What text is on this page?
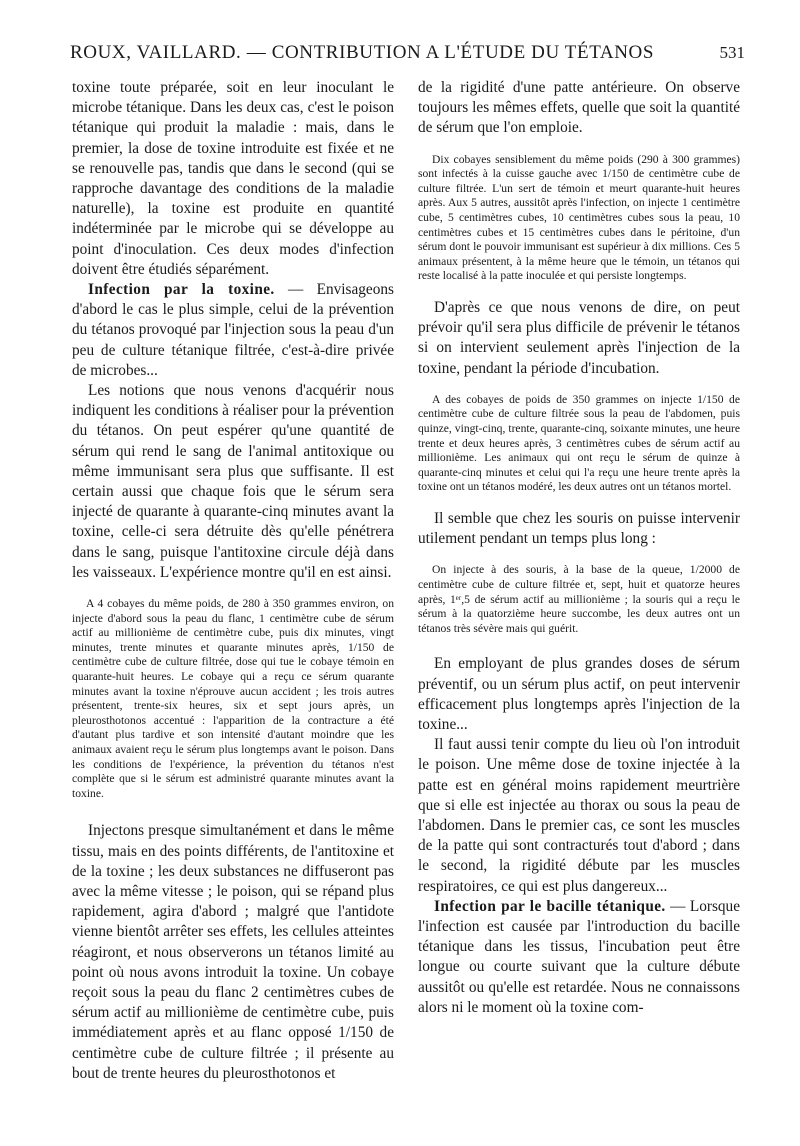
ROUX, VAILLARD. — CONTRIBUTION A L'ÉTUDE DU TÉTANOS	531

toxine toute préparée, soit en leur inoculant le microbe tétanique. Dans les deux cas, c'est le poison tétanique qui produit la maladie : mais, dans le premier, la dose de toxine introduite est fixée et ne se renouvelle pas, tandis que dans le second (qui se rapproche davantage des conditions de la maladie naturelle), la toxine est produite en quantité indéterminée par le microbe qui se développe au point d'inoculation. Ces deux modes d'infection doivent être étudiés séparément.

Infection par la toxine. — Envisageons d'abord le cas le plus simple, celui de la prévention du tétanos provoqué par l'injection sous la peau d'un peu de culture tétanique filtrée, c'est-à-dire privée de microbes...

Les notions que nous venons d'acquérir nous indiquent les conditions à réaliser pour la prévention du tétanos. On peut espérer qu'une quantité de sérum qui rend le sang de l'animal antitoxique ou même immunisant sera plus que suffisante. Il est certain aussi que chaque fois que le sérum sera injecté de quarante à quarante-cinq minutes avant la toxine, celle-ci sera détruite dès qu'elle pénétrera dans le sang, puisque l'antitoxine circule déjà dans les vaisseaux. L'expérience montre qu'il en est ainsi.

A 4 cobayes du même poids, de 280 à 350 grammes environ, on injecte d'abord sous la peau du flanc, 1 centimètre cube de sérum actif au millionième de centimètre cube, puis dix minutes, vingt minutes, trente minutes et quarante minutes après, 1/150 de centimètre cube de culture filtrée, dose qui tue le cobaye témoin en quarante-huit heures. Le cobaye qui a reçu ce sérum quarante minutes avant la toxine n'éprouve aucun accident ; les trois autres présentent, trente-six heures, six et sept jours après, un pleurosthotonos accentué : l'apparition de la contracture a été d'autant plus tardive et son intensité d'autant moindre que les animaux avaient reçu le sérum plus longtemps avant le poison. Dans les conditions de l'expérience, la prévention du tétanos n'est complète que si le sérum est administré quarante minutes avant la toxine.

Injectons presque simultanément et dans le même tissu, mais en des points différents, de l'antitoxine et de la toxine ; les deux substances ne diffuseront pas avec la même vitesse ; le poison, qui se répand plus rapidement, agira d'abord ; malgré que l'antidote vienne bientôt arrêter ses effets, les cellules atteintes réagiront, et nous observerons un tétanos limité au point où nous avons introduit la toxine. Un cobaye reçoit sous la peau du flanc 2 centimètres cubes de sérum actif au millionième de centimètre cube, puis immédiatement après et au flanc opposé 1/150 de centimètre cube de culture filtrée ; il présente au bout de trente heures du pleurosthotonos et

de la rigidité d'une patte antérieure. On observe toujours les mêmes effets, quelle que soit la quantité de sérum que l'on emploie.

Dix cobayes sensiblement du même poids (290 à 300 grammes) sont infectés à la cuisse gauche avec 1/150 de centimètre cube de culture filtrée. L'un sert de témoin et meurt quarante-huit heures après. Aux 5 autres, aussitôt après l'infection, on injecte 1 centimètre cube, 5 centimètres cubes, 10 centimètres cubes sous la peau, 10 centimètres cubes et 15 centimètres cubes dans le péritoine, d'un sérum dont le pouvoir immunisant est supérieur à dix millions. Ces 5 animaux présentent, à la même heure que le témoin, un tétanos qui reste localisé à la patte inoculée et qui persiste longtemps.

D'après ce que nous venons de dire, on peut prévoir qu'il sera plus difficile de prévenir le tétanos si on intervient seulement après l'injection de la toxine, pendant la période d'incubation.

A des cobayes de poids de 350 grammes on injecte 1/150 de centimètre cube de culture filtrée sous la peau de l'abdomen, puis quinze, vingt-cinq, trente, quarante-cinq, soixante minutes, une heure trente et deux heures après, 3 centimètres cubes de sérum actif au millionième. Les animaux qui ont reçu le sérum de quinze à quarante-cinq minutes et celui qui l'a reçu une heure trente après la toxine ont un tétanos modéré, les deux autres ont un tétanos mortel.

Il semble que chez les souris on puisse intervenir utilement pendant un temps plus long :

On injecte à des souris, à la base de la queue, 1/2000 de centimètre cube de culture filtrée et, sept, huit et quatorze heures après, 1ᵉʳ,5 de sérum actif au millionième ; la souris qui a reçu le sérum à la quatorzième heure succombe, les deux autres ont un tétanos très sévère mais qui guérit.

En employant de plus grandes doses de sérum préventif, ou un sérum plus actif, on peut intervenir efficacement plus longtemps après l'injection de la toxine...

Il faut aussi tenir compte du lieu où l'on introduit le poison. Une même dose de toxine injectée à la patte est en général moins rapidement meurtrière que si elle est injectée au thorax ou sous la peau de l'abdomen. Dans le premier cas, ce sont les muscles de la patte qui sont contracturés tout d'abord ; dans le second, la rigidité débute par les muscles respiratoires, ce qui est plus dangereux...

Infection par le bacille tétanique. — Lorsque l'infection est causée par l'introduction du bacille tétanique dans les tissus, l'incubation peut être longue ou courte suivant que la culture débute aussitôt ou qu'elle est retardée. Nous ne connaissons alors ni le moment où la toxine com-
